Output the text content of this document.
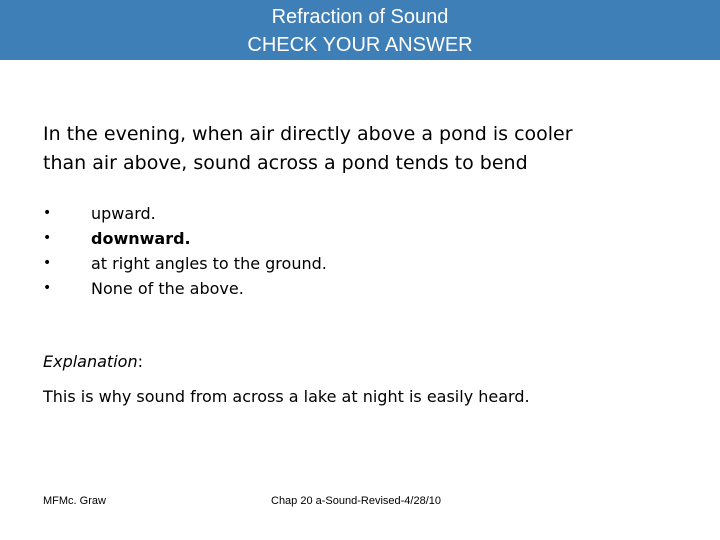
Refraction of Sound
CHECK YOUR ANSWER
In the evening, when air directly above a pond is cooler
than air above, sound across a pond tends to bend
• upward.
• downward.
• at right angles to the ground.
• None of the above.
Explanation:
This is why sound from across a lake at night is easily heard.
MFMc. Graw	Chap 20 a-Sound-Revised-4/28/10
